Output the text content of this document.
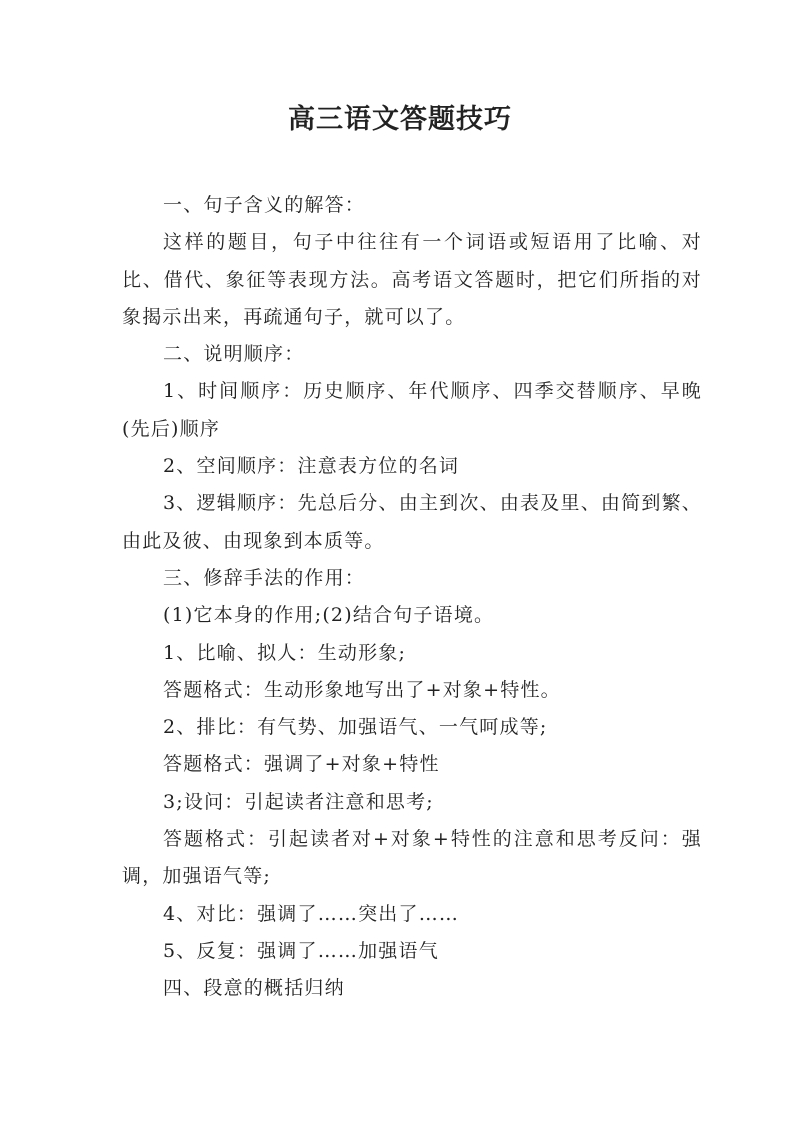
高三语文答题技巧

一、句子含义的解答：

这样的题目，句子中往往有一个词语或短语用了比喻、对比、借代、象征等表现方法。高考语文答题时，把它们所指的对象揭示出来，再疏通句子，就可以了。

二、说明顺序：

1、时间顺序：历史顺序、年代顺序、四季交替顺序、早晚(先后)顺序

2、空间顺序：注意表方位的名词

3、逻辑顺序：先总后分、由主到次、由表及里、由简到繁、由此及彼、由现象到本质等。

三、修辞手法的作用：

(1)它本身的作用;(2)结合句子语境。

1、比喻、拟人：生动形象;

答题格式：生动形象地写出了+对象+特性。

2、排比：有气势、加强语气、一气呵成等;

答题格式：强调了+对象+特性

3;设问：引起读者注意和思考;

答题格式：引起读者对+对象+特性的注意和思考反问：强调，加强语气等;

4、对比：强调了……突出了……

5、反复：强调了……加强语气

四、段意的概括归纳
